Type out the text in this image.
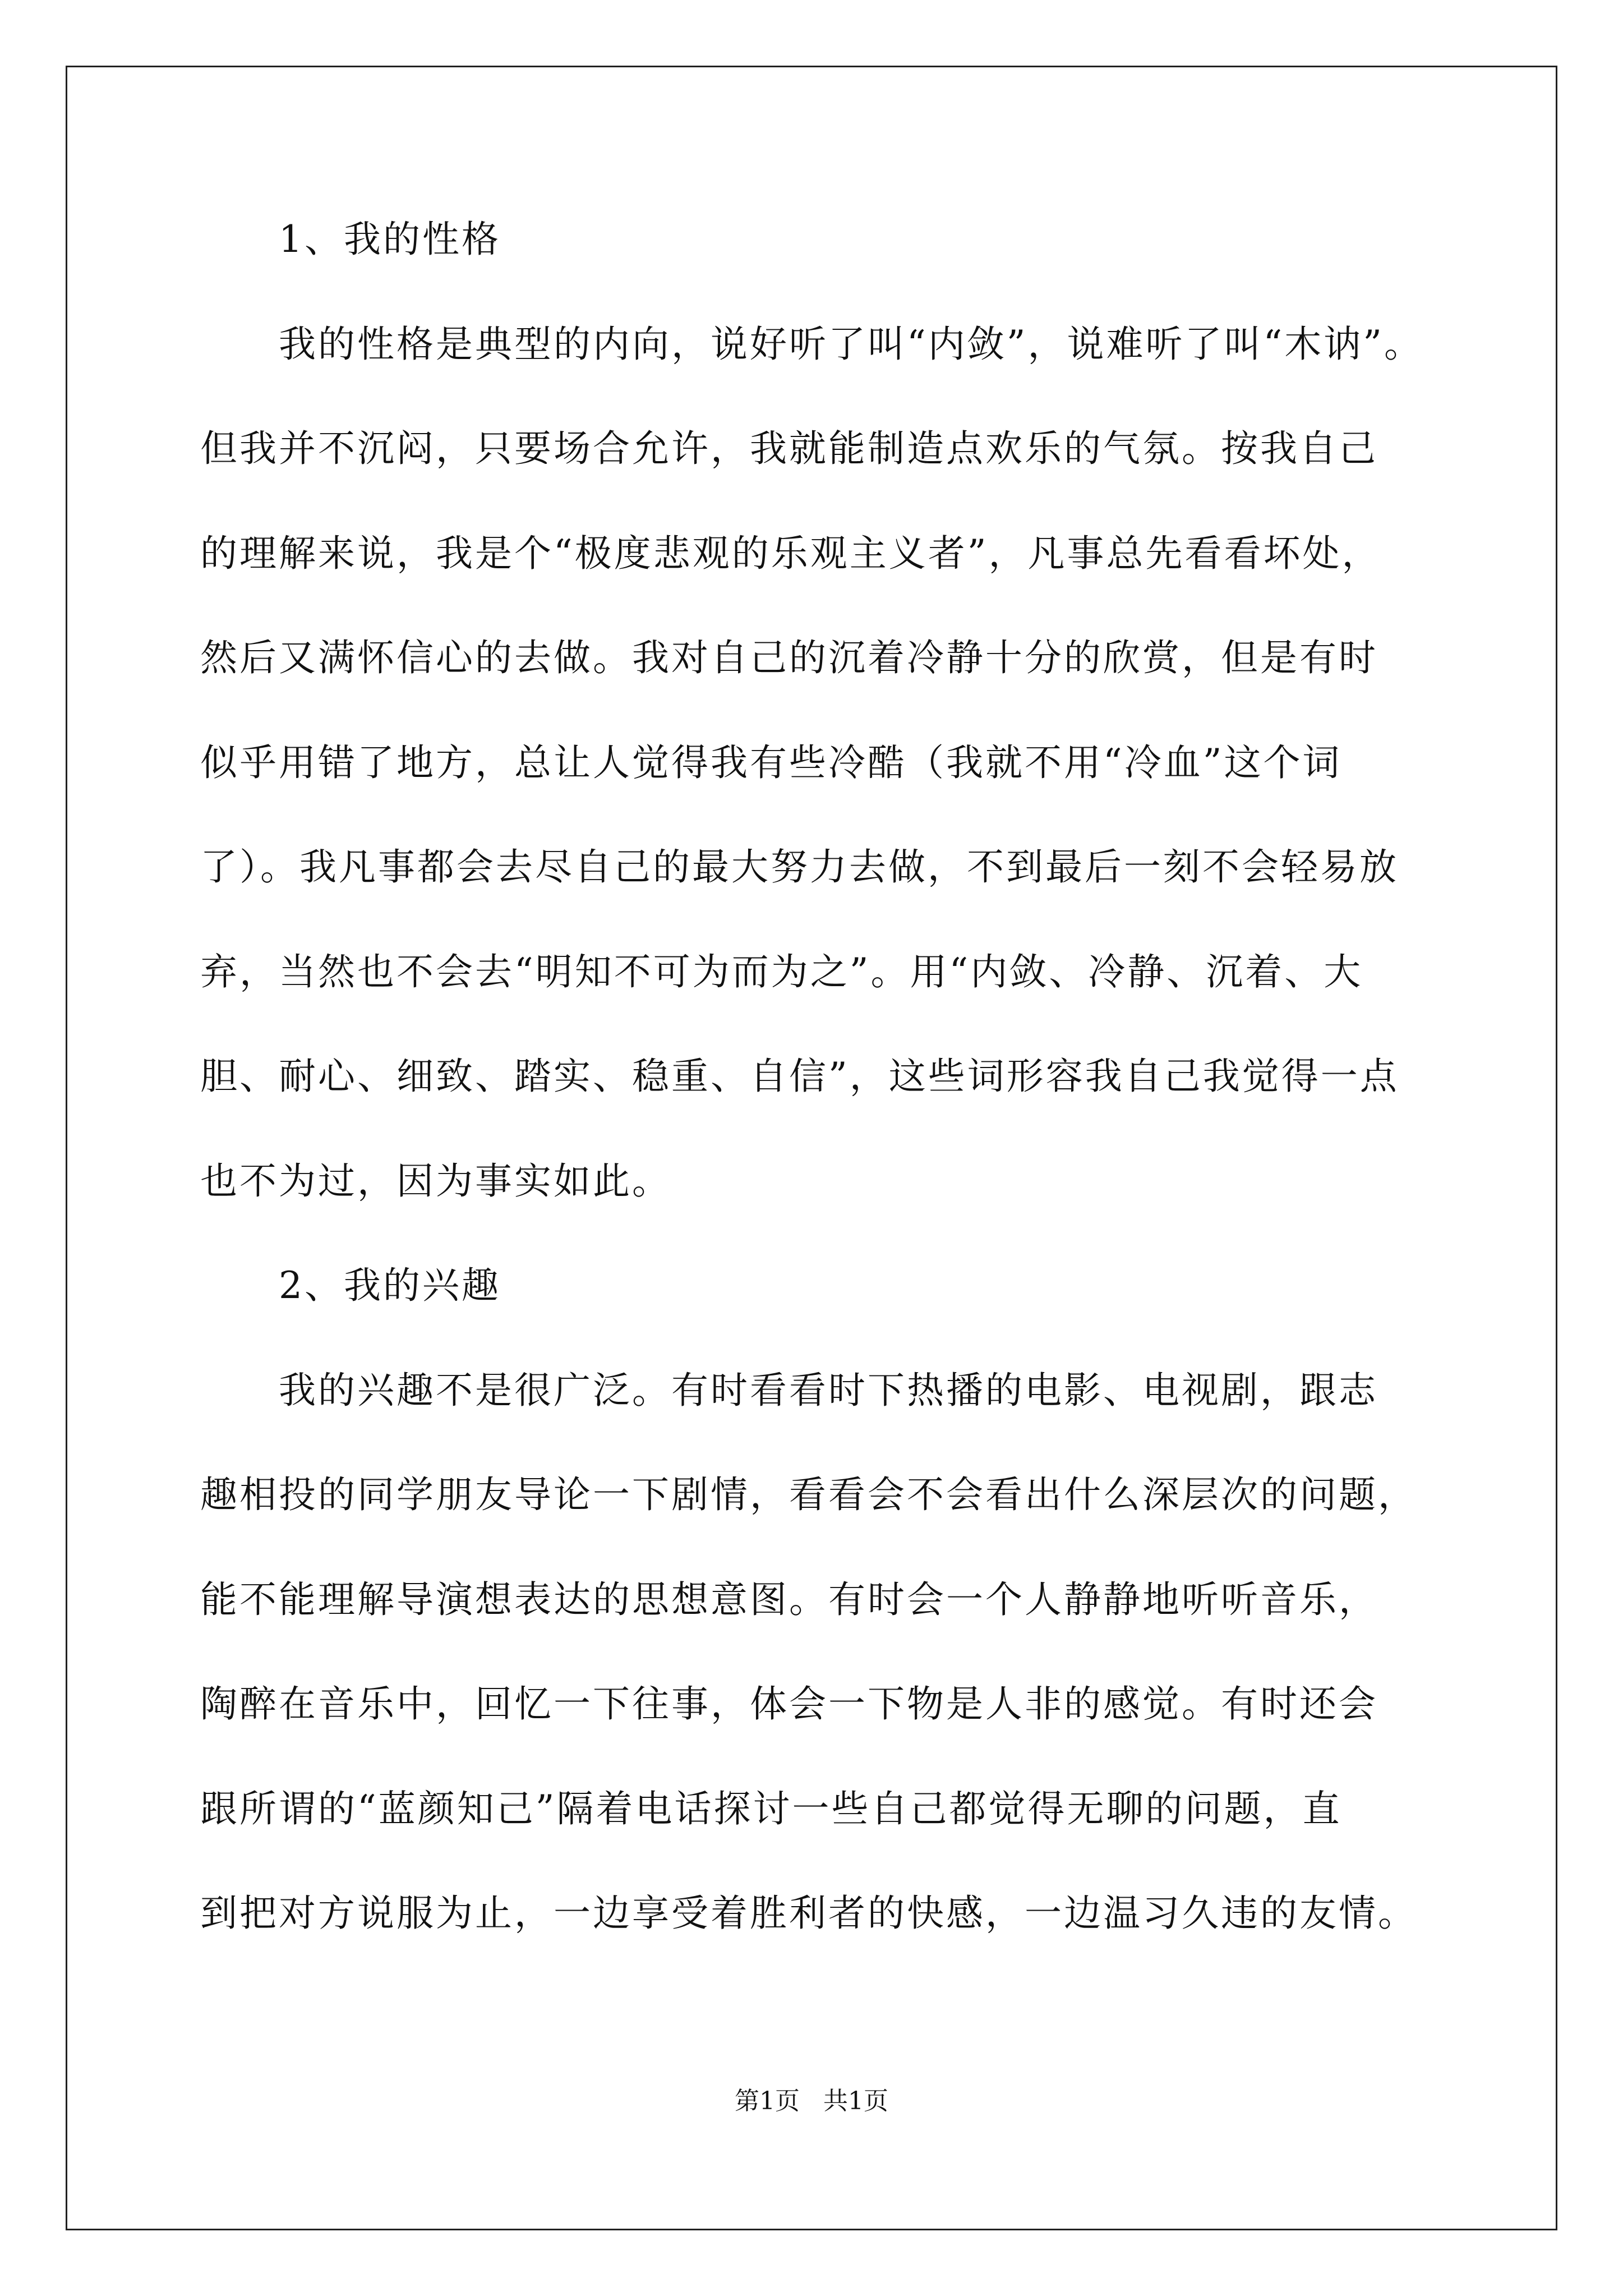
1、我的性格
我的性格是典型的内向，说好听了叫“内敛”，说难听了叫“木讷”。
但我并不沉闷，只要场合允许，我就能制造点欢乐的气氛。按我自己
的理解来说，我是个“极度悲观的乐观主义者”，凡事总先看看坏处，
然后又满怀信心的去做。我对自己的沉着冷静十分的欣赏，但是有时
似乎用错了地方，总让人觉得我有些冷酷（我就不用“冷血”这个词
了）。我凡事都会去尽自己的最大努力去做，不到最后一刻不会轻易放
弃，当然也不会去“明知不可为而为之”。用“内敛、冷静、沉着、大
胆、耐心、细致、踏实、稳重、自信”，这些词形容我自己我觉得一点
也不为过，因为事实如此。
2、我的兴趣
我的兴趣不是很广泛。有时看看时下热播的电影、电视剧，跟志
趣相投的同学朋友导论一下剧情，看看会不会看出什么深层次的问题，
能不能理解导演想表达的思想意图。有时会一个人静静地听听音乐，
陶醉在音乐中，回忆一下往事，体会一下物是人非的感觉。有时还会
跟所谓的“蓝颜知己”隔着电话探讨一些自己都觉得无聊的问题，直
到把对方说服为止，一边享受着胜利者的快感，一边温习久违的友情。
第1页   共1页
